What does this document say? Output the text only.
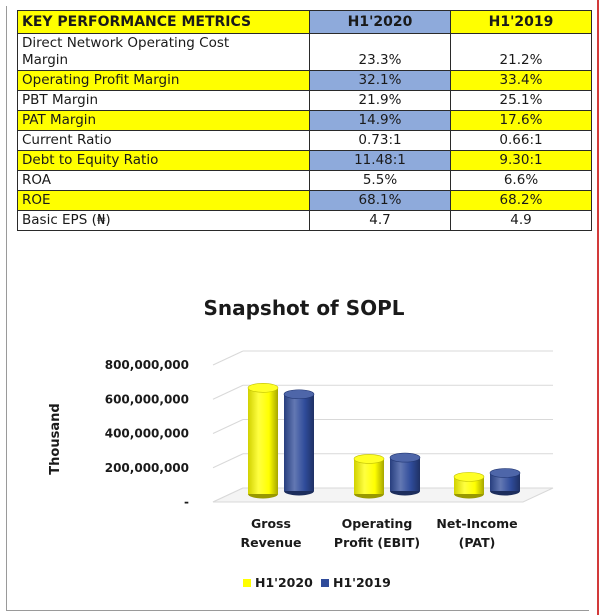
KEY PERFORMANCE METRICS	H1'2020	H1'2019
Direct Network Operating Cost Margin	23.3%	21.2%
Operating Profit Margin	32.1%	33.4%
PBT Margin	21.9%	25.1%
PAT Margin	14.9%	17.6%
Current Ratio	0.73:1	0.66:1
Debt to Equity Ratio	11.48:1	9.30:1
ROA	5.5%	6.6%
ROE	68.1%	68.2%
Basic EPS (₦)	4.7	4.9
Snapshot of SOPL
Thousand
-
200,000,000
400,000,000
600,000,000
800,000,000
Gross
Revenue
Operating
Profit (EBIT)
Net-Income
(PAT)
H1'2020 H1'2019
